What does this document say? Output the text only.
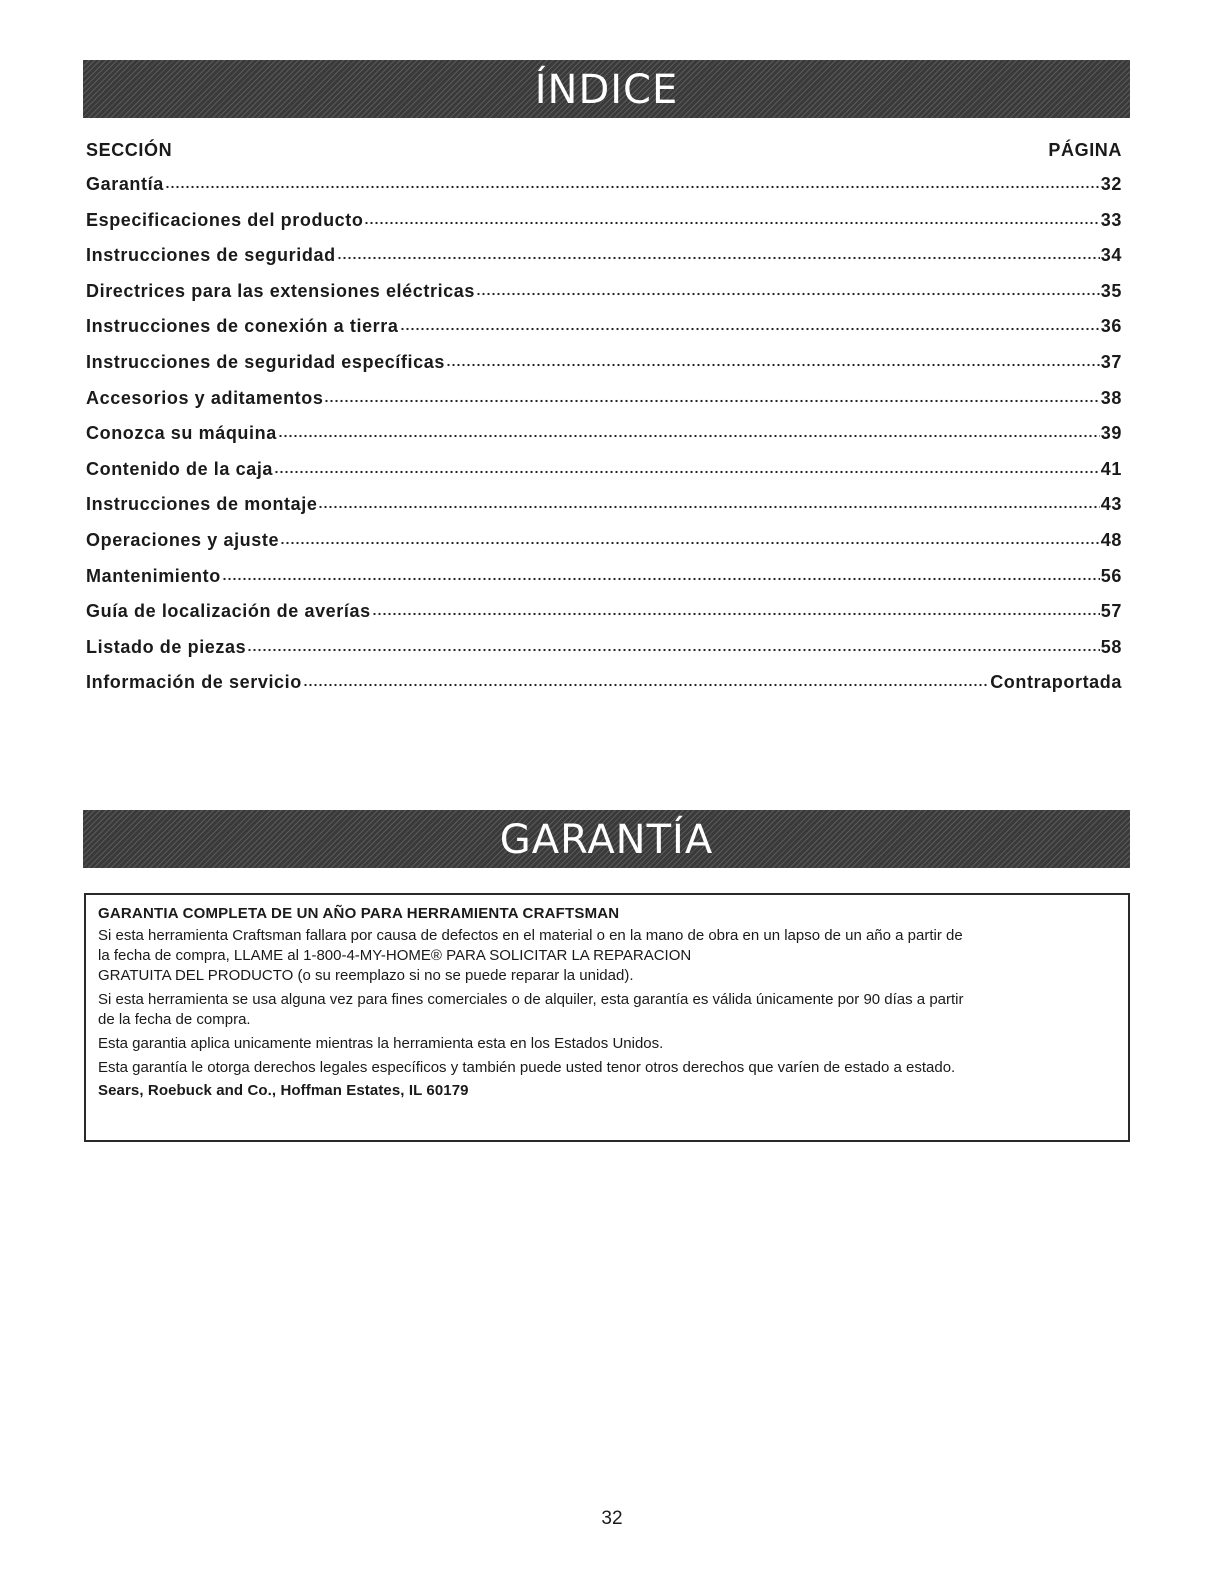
ÍNDICE
SECCIÓN	PÁGINA
Garantía	32
Especificaciones del producto	33
Instrucciones de seguridad	34
Directrices para las extensiones eléctricas	35
Instrucciones de conexión a tierra	36
Instrucciones de seguridad específicas	37
Accesorios y aditamentos	38
Conozca su máquina	39
Contenido de la caja	41
Instrucciones de montaje	43
Operaciones y ajuste	48
Mantenimiento	56
Guía de localización de averías	57
Listado de piezas	58
Información de servicio	Contraportada
GARANTÍA
GARANTIA COMPLETA DE UN AÑO PARA HERRAMIENTA CRAFTSMAN
Si esta herramienta Craftsman fallara por causa de defectos en el material o en la mano de obra en un lapso de un año a partir de
la fecha de compra, LLAME al 1-800-4-MY-HOME® PARA SOLICITAR LA REPARACION
GRATUITA DEL PRODUCTO (o su reemplazo si no se puede reparar la unidad).
Si esta herramienta se usa alguna vez para fines comerciales o de alquiler, esta garantía es válida únicamente por 90 días a partir
de la fecha de compra.
Esta garantia aplica unicamente mientras la herramienta esta en los Estados Unidos.
Esta garantía le otorga derechos legales específicos y también puede usted tenor otros derechos que varíen de estado a estado.
Sears, Roebuck and Co., Hoffman Estates, IL 60179
32
